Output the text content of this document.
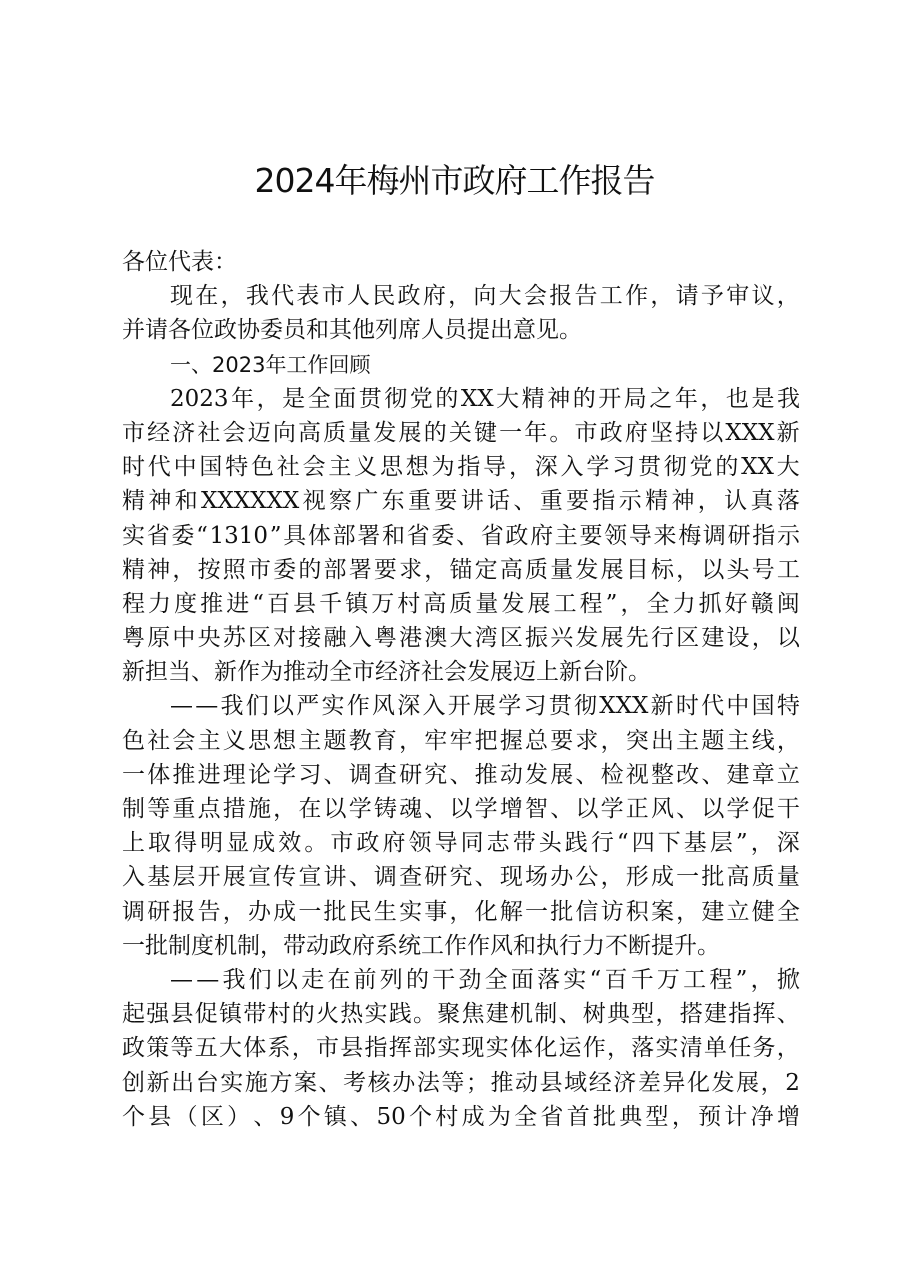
2024年梅州市政府工作报告
各位代表：
现 在 ， 我 代 表 市 人 民 政 府 ， 向 大 会 报 告 工 作 ， 请 予 审 议 ，
并请各位政协委员和其他列席人员提出意见。
一、2023年工作回顾
2023 年 ， 是 全 面 贯 彻 党 的 XX 大 精 神 的 开 局 之 年 ， 也 是 我
市 经 济 社 会 迈 向 高 质 量 发 展 的 关 键 一 年 。 市 政 府 坚 持 以 XXX 新
时 代 中 国 特 色 社 会 主 义 思 想 为 指 导 ， 深 入 学 习 贯 彻 党 的 XX 大
精 神 和 XXXXXX 视 察 广 东 重 要 讲 话 、 重 要 指 示 精 神 ， 认 真 落
实 省 委 “ 1310 ” 具 体 部 署 和 省 委 、 省 政 府 主 要 领 导 来 梅 调 研 指 示
精 神 ， 按 照 市 委 的 部 署 要 求 ， 锚 定 高 质 量 发 展 目 标 ， 以 头 号 工
程 力 度 推 进 “ 百 县 千 镇 万 村 高 质 量 发 展 工 程 ” ， 全 力 抓 好 赣 闽
粤 原 中 央 苏 区 对 接 融 入 粤 港 澳 大 湾 区 振 兴 发 展 先 行 区 建 设 ， 以
新担当、新作为推动全市经济社会发展迈上新台阶。
— — 我 们 以 严 实 作 风 深 入 开 展 学 习 贯 彻 XXX 新 时 代 中 国 特
色 社 会 主 义 思 想 主 题 教 育 ， 牢 牢 把 握 总 要 求 ， 突 出 主 题 主 线 ，
一 体 推 进 理 论 学 习 、 调 查 研 究 、 推 动 发 展 、 检 视 整 改 、 建 章 立
制 等 重 点 措 施 ， 在 以 学 铸 魂 、 以 学 增 智 、 以 学 正 风 、 以 学 促 干
上 取 得 明 显 成 效 。 市 政 府 领 导 同 志 带 头 践 行 “ 四 下 基 层 ” ， 深
入 基 层 开 展 宣 传 宣 讲 、 调 查 研 究 、 现 场 办 公 ， 形 成 一 批 高 质 量
调 研 报 告 ， 办 成 一 批 民 生 实 事 ， 化 解 一 批 信 访 积 案 ， 建 立 健 全
一批制度机制，带动政府系统工作作风和执行力不断提升。
— — 我 们 以 走 在 前 列 的 干 劲 全 面 落 实 “ 百 千 万 工 程 ” ， 掀
起 强 县 促 镇 带 村 的 火 热 实 践 。 聚 焦 建 机 制 、 树 典 型 ， 搭 建 指 挥 、
政 策 等 五 大 体 系 ， 市 县 指 挥 部 实 现 实 体 化 运 作 ， 落 实 清 单 任 务 ，
创 新 出 台 实 施 方 案 、 考 核 办 法 等 ； 推 动 县 域 经 济 差 异 化 发 展 ， 2
个 县 （ 区 ） 、 9 个 镇 、 50 个 村 成 为 全 省 首 批 典 型 ， 预 计 净 增
